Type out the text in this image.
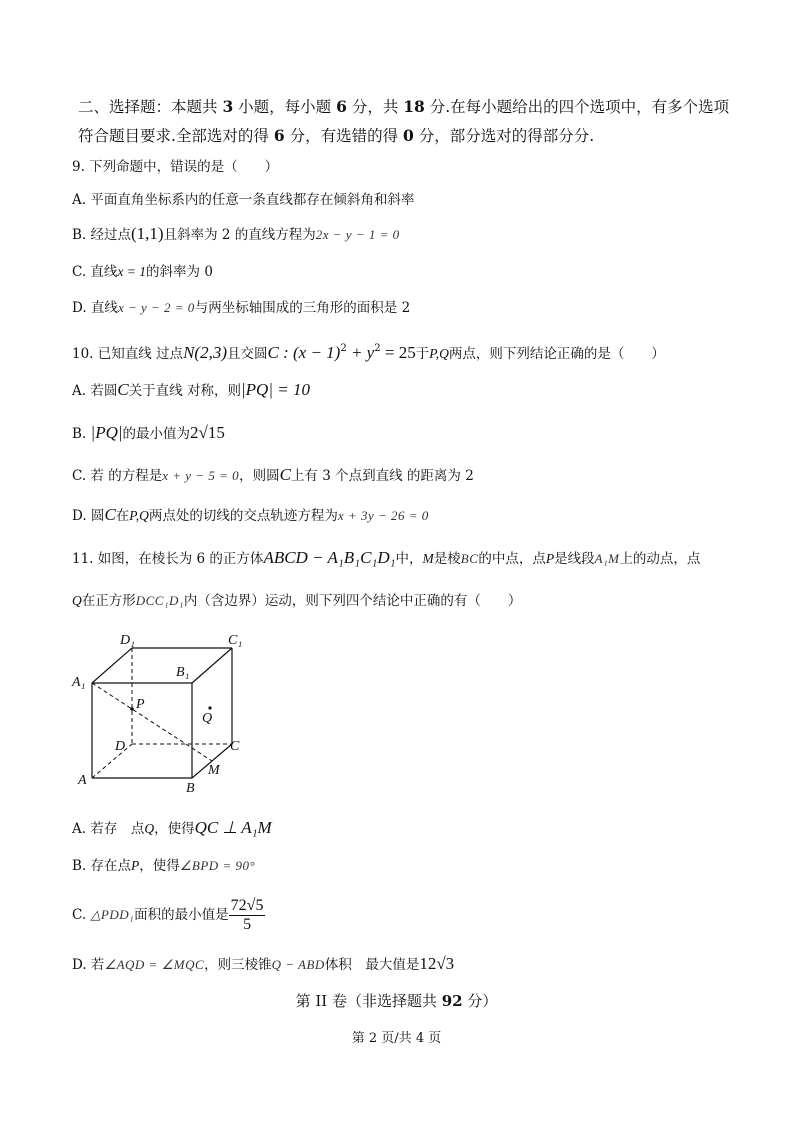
二、选择题：本题共 3 小题，每小题 6 分，共 18 分.在每小题给出的四个选项中，有多个选项
符合题目要求.全部选对的得 6 分，有选错的得 0 分，部分选对的得部分分.
9. 下列命题中，错误的是（　　）
A. 平面直角坐标系内的任意一条直线都存在倾斜角和斜率
B. 经过点(1,1)且斜率为 2 的直线方程为2x − y − 1 = 0
C. 直线x = 1的斜率为 0
D. 直线x − y − 2 = 0与两坐标轴围成的三角形的面积是 2
10. 已知直线 过点N(2,3)且交圆C : $(x - 1)^2 + y^2 = 25$于P,Q两点，则下列结论正确的是（　　）
A. 若圆C关于直线 对称，则|PQ| = 10
B. |PQ|的最小值为2√15
C. 若 的方程是x + y − 5 = 0，则圆C上有 3 个点到直线 的距离为 2
D. 圆C在P,Q两点处的切线的交点轨迹方程为x + 3y − 26 = 0
11. 如图，在棱长为 6 的正方体ABCD − A₁B₁C₁D₁中，M是棱BC的中点，点P是线段A₁M上的动点，点
Q在正方形DCC₁D₁内（含边界）运动，则下列四个结论中正确的有（　　）
D₁	C₁
A₁
B₁
P
Q
D	C
A
B
M
A. 若存　点Q，使得QC ⊥ A₁M
B. 存在点P，使得∠BPD = 90°
C. △PDD₁面积的最小值是 $\frac{72√5}{5}$
D. 若∠AQD = ∠MQC，则三棱锥Q − ABD体积　最大值是12√3
第 II 卷（非选择题共 92 分）
第 2 页/共 4 页
